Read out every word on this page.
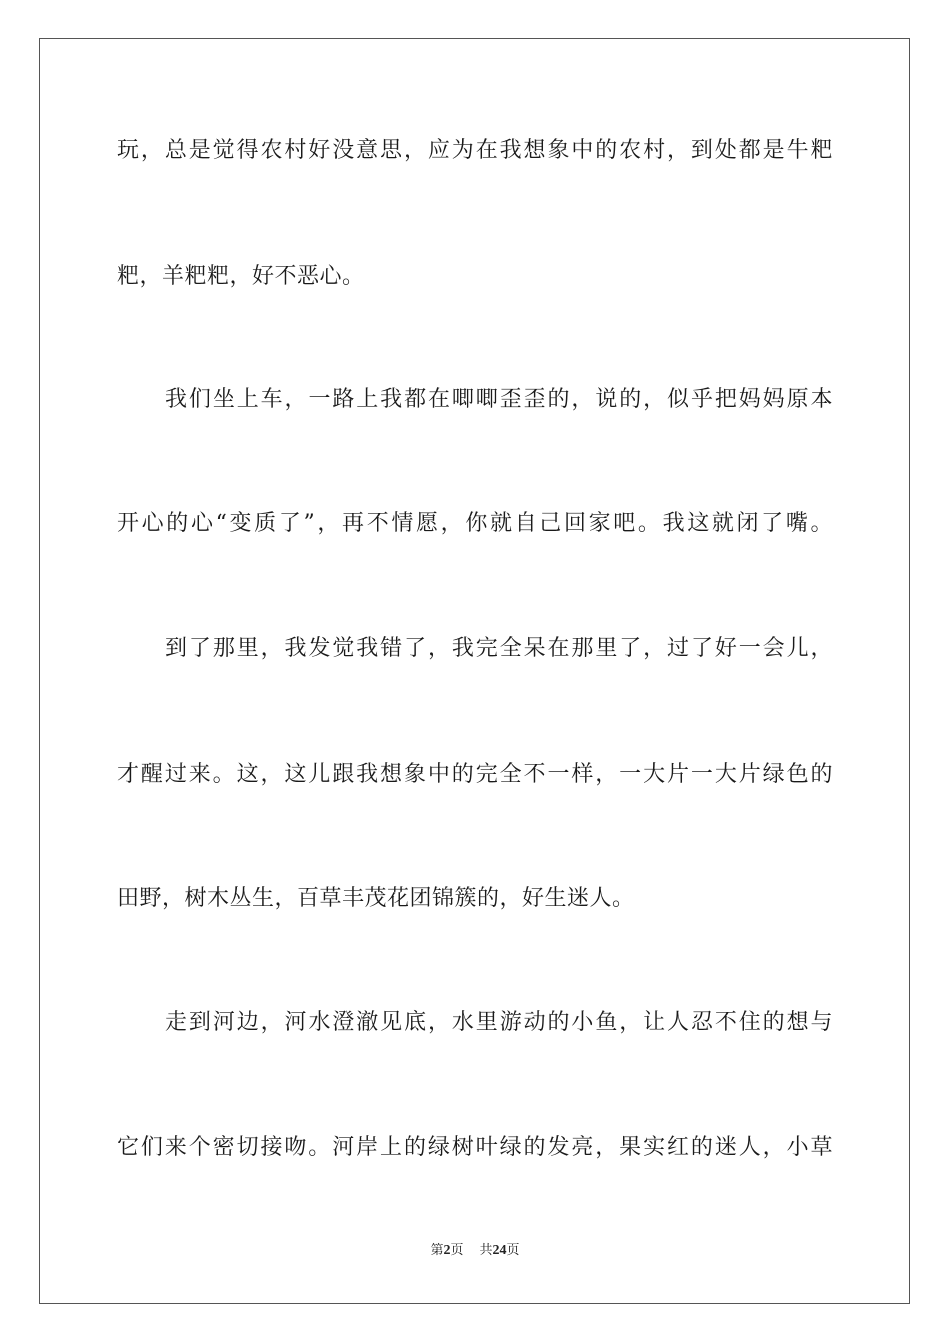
玩，总是觉得农村好没意思，应为在我想象中的农村，到处都是牛粑
粑，羊粑粑，好不恶心。
我们坐上车，一路上我都在唧唧歪歪的，说的，似乎把妈妈原本
开心的心“变质了”，再不情愿，你就自己回家吧。我这就闭了嘴。
到了那里，我发觉我错了，我完全呆在那里了，过了好一会儿，
才醒过来。这，这儿跟我想象中的完全不一样，一大片一大片绿色的
田野，树木丛生，百草丰茂花团锦簇的，好生迷人。
走到河边，河水澄澈见底，水里游动的小鱼，让人忍不住的想与
它们来个密切接吻。河岸上的绿树叶绿的发亮，果实红的迷人，小草
第2页 共24页
